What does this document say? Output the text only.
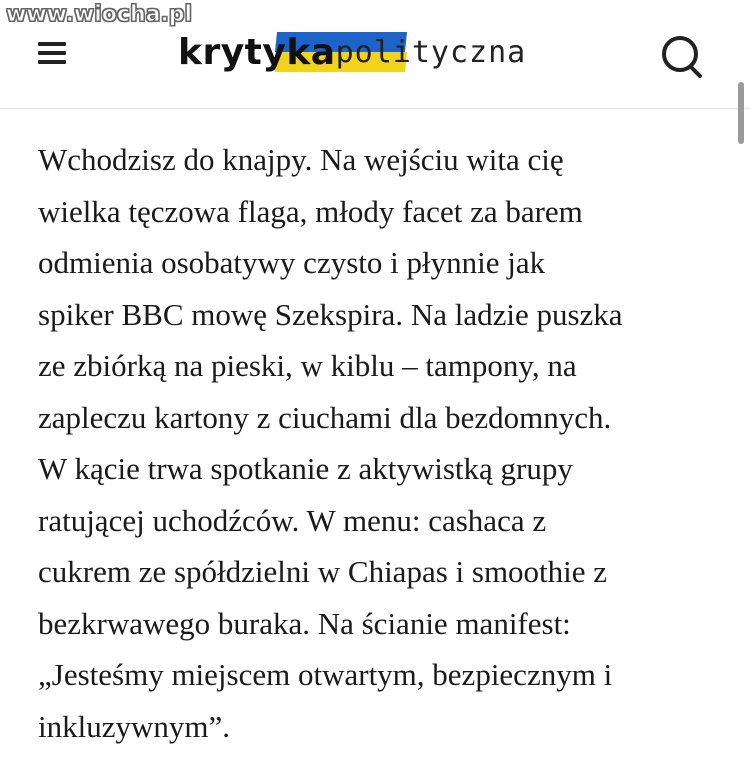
www.wiocha.pl
krytyka polityczna
Wchodzisz do knajpy. Na wejściu wita cię
wielka tęczowa flaga, młody facet za barem
odmienia osobatywy czysto i płynnie jak
spiker BBC mowę Szekspira. Na ladzie puszka
ze zbiórką na pieski, w kiblu – tampony, na
zapleczu kartony z ciuchami dla bezdomnych.
W kącie trwa spotkanie z aktywistką grupy
ratującej uchodźców. W menu: cashaca z
cukrem ze spółdzielni w Chiapas i smoothie z
bezkrwawego buraka. Na ścianie manifest:
„Jesteśmy miejscem otwartym, bezpiecznym i
inkluzywnym”.
